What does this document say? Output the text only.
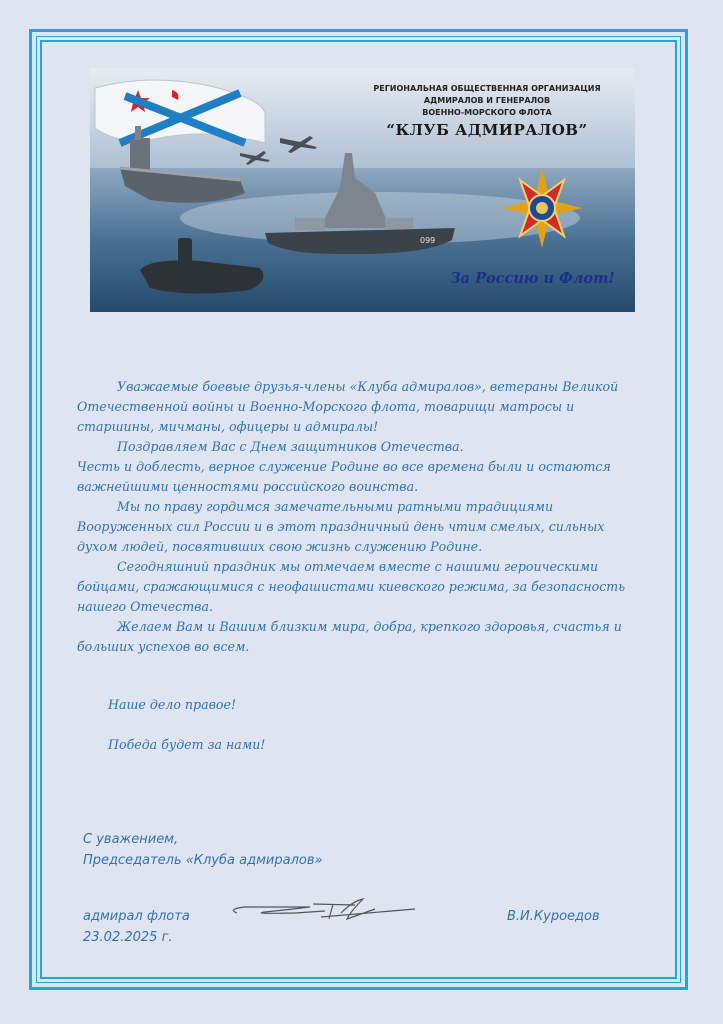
099
РЕГИОНАЛЬНАЯ ОБЩЕСТВЕННАЯ ОРГАНИЗАЦИЯ
АДМИРАЛОВ И ГЕНЕРАЛОВ
ВОЕННО-МОРСКОГО ФЛОТА
“КЛУБ АДМИРАЛОВ”
За Россию и Флот!

Уважаемые боевые друзья-члены «Клуба адмиралов», ветераны Великой Отечественной войны и Военно-Морского флота, товарищи матросы и старшины, мичманы, офицеры и адмиралы!

Поздравляем Вас с Днем защитников Отечества.

Честь и доблесть, верное служение Родине во все времена были и остаются важнейшими ценностями российского воинства.

Мы по праву гордимся замечательными ратными традициями Вооруженных сил России и в этот праздничный день чтим смелых, сильных духом людей, посвятивших свою жизнь служению Родине.

Сегодняшний праздник мы отмечаем вместе с нашими героическими бойцами, сражающимися с неофашистами киевского режима, за безопасность нашего Отечества.

Желаем Вам и Вашим близким мира, добра, крепкого здоровья, счастья и больших успехов во всем.

Наше дело правое!
Победа будет за нами!
С уважением,
Председатель «Клуба адмиралов»
адмирал флота
23.02.2025 г.
В.И.Куроедов
